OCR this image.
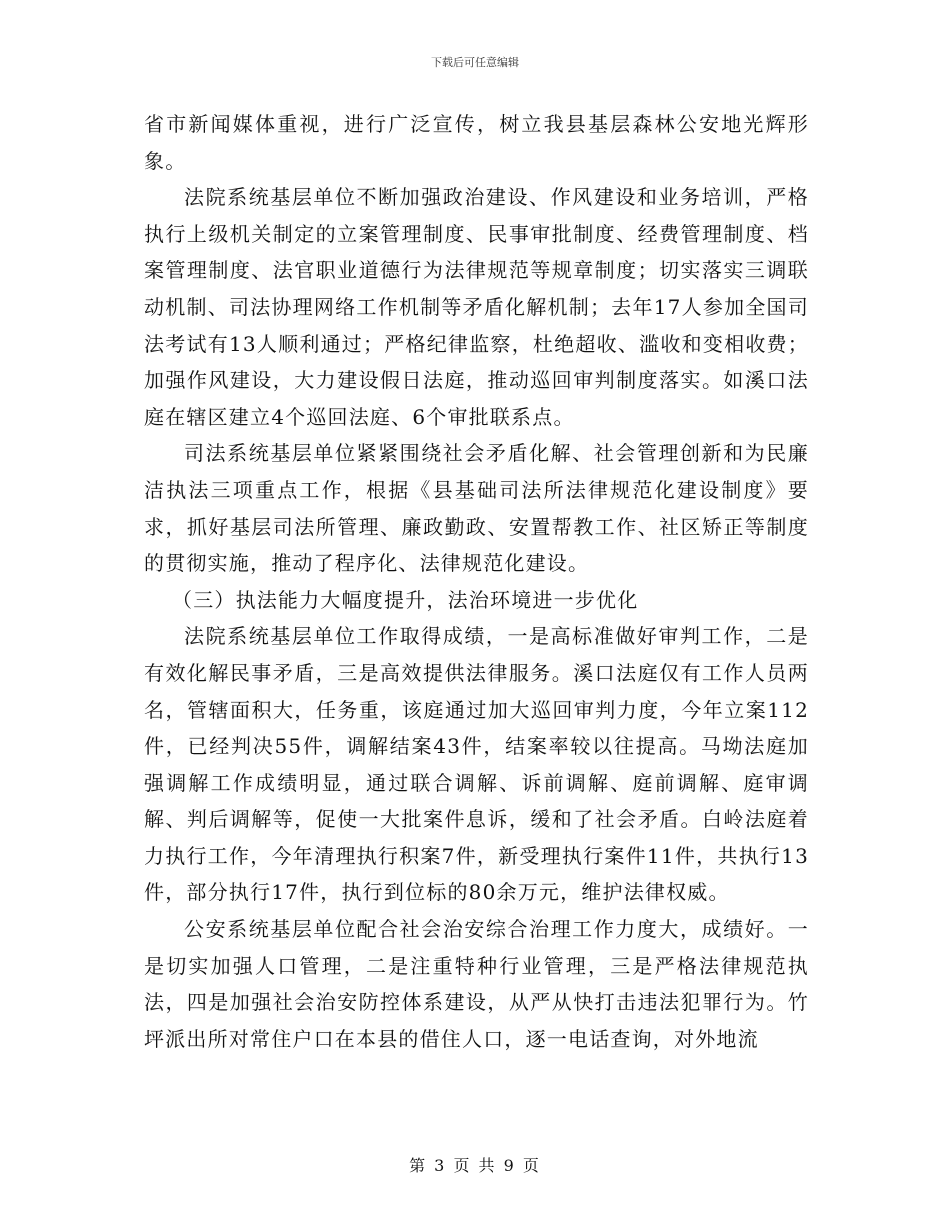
下载后可任意编辑

省市新闻媒体重视，进行广泛宣传，树立我县基层森林公安地光辉形象。

法院系统基层单位不断加强政治建设、作风建设和业务培训，严格执行上级机关制定的立案管理制度、民事审批制度、经费管理制度、档案管理制度、法官职业道德行为法律规范等规章制度；切实落实三调联动机制、司法协理网络工作机制等矛盾化解机制；去年17人参加全国司法考试有13人顺利通过；严格纪律监察，杜绝超收、滥收和变相收费；加强作风建设，大力建设假日法庭，推动巡回审判制度落实。如溪口法庭在辖区建立4个巡回法庭、6个审批联系点。

司法系统基层单位紧紧围绕社会矛盾化解、社会管理创新和为民廉洁执法三项重点工作，根据《县基础司法所法律规范化建设制度》要求，抓好基层司法所管理、廉政勤政、安置帮教工作、社区矫正等制度的贯彻实施，推动了程序化、法律规范化建设。

（三）执法能力大幅度提升，法治环境进一步优化

法院系统基层单位工作取得成绩，一是高标准做好审判工作，二是有效化解民事矛盾，三是高效提供法律服务。溪口法庭仅有工作人员两名，管辖面积大，任务重，该庭通过加大巡回审判力度，今年立案112件，已经判决55件，调解结案43件，结案率较以往提高。马坳法庭加强调解工作成绩明显，通过联合调解、诉前调解、庭前调解、庭审调解、判后调解等，促使一大批案件息诉，缓和了社会矛盾。白岭法庭着力执行工作，今年清理执行积案7件，新受理执行案件11件，共执行13件，部分执行17件，执行到位标的80余万元，维护法律权威。

公安系统基层单位配合社会治安综合治理工作力度大，成绩好。一是切实加强人口管理，二是注重特种行业管理，三是严格法律规范执法，四是加强社会治安防控体系建设，从严从快打击违法犯罪行为。竹坪派出所对常住户口在本县的借住人口，逐一电话查询，对外地流

第 3 页 共 9 页
